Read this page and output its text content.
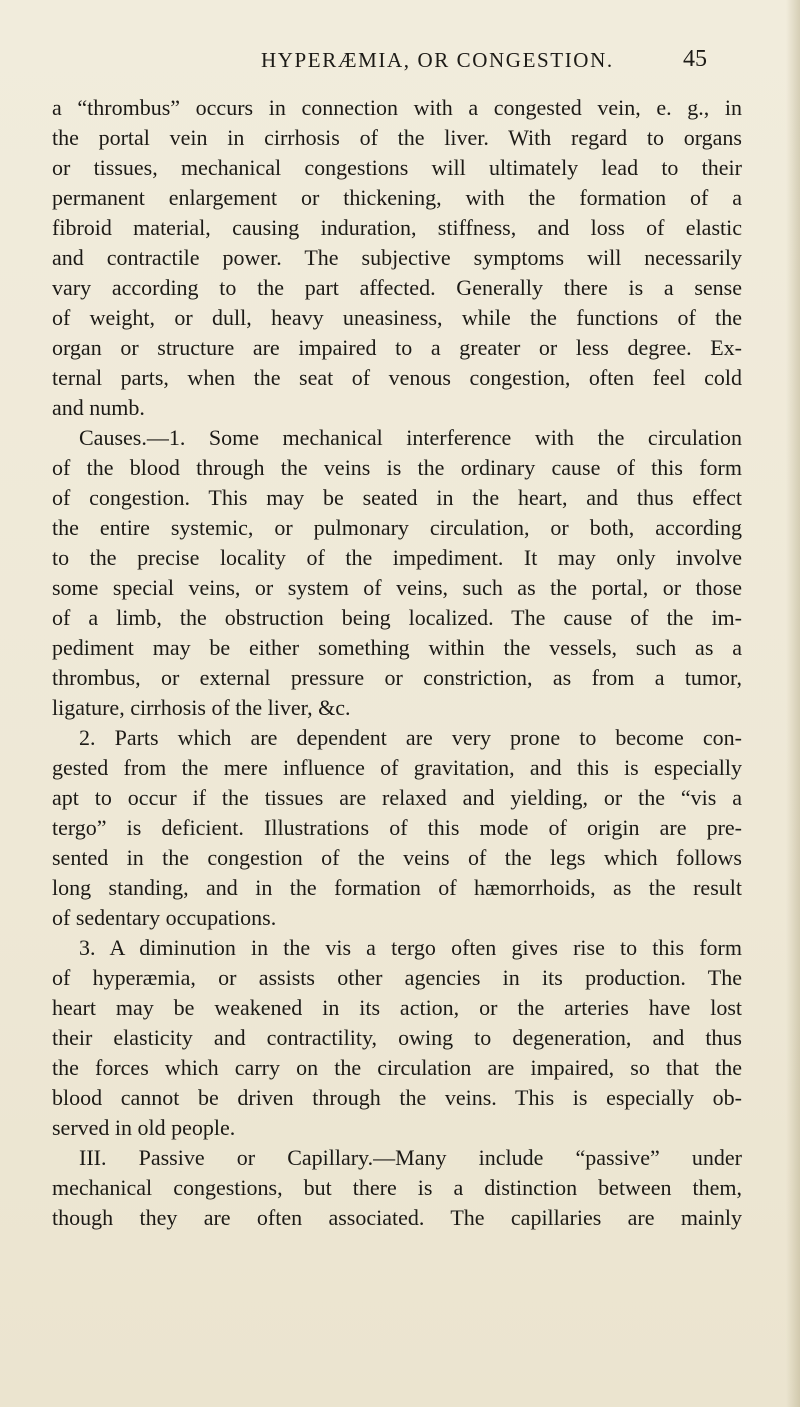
HYPERÆMIA, OR CONGESTION.	45
a “thrombus” occurs in connection with a congested vein, e. g., in
the portal vein in cirrhosis of the liver. With regard to organs
or tissues, mechanical congestions will ultimately lead to their
permanent enlargement or thickening, with the formation of a
fibroid material, causing induration, stiffness, and loss of elastic
and contractile power. The subjective symptoms will necessarily
vary according to the part affected. Generally there is a sense
of weight, or dull, heavy uneasiness, while the functions of the
organ or structure are impaired to a greater or less degree. Ex-
ternal parts, when the seat of venous congestion, often feel cold
and numb.
Causes.—1. Some mechanical interference with the circulation
of the blood through the veins is the ordinary cause of this form
of congestion. This may be seated in the heart, and thus effect
the entire systemic, or pulmonary circulation, or both, according
to the precise locality of the impediment. It may only involve
some special veins, or system of veins, such as the portal, or those
of a limb, the obstruction being localized. The cause of the im-
pediment may be either something within the vessels, such as a
thrombus, or external pressure or constriction, as from a tumor,
ligature, cirrhosis of the liver, &c.
2. Parts which are dependent are very prone to become con-
gested from the mere influence of gravitation, and this is especially
apt to occur if the tissues are relaxed and yielding, or the “vis a
tergo” is deficient. Illustrations of this mode of origin are pre-
sented in the congestion of the veins of the legs which follows
long standing, and in the formation of hæmorrhoids, as the result
of sedentary occupations.
3. A diminution in the vis a tergo often gives rise to this form
of hyperæmia, or assists other agencies in its production. The
heart may be weakened in its action, or the arteries have lost
their elasticity and contractility, owing to degeneration, and thus
the forces which carry on the circulation are impaired, so that the
blood cannot be driven through the veins. This is especially ob-
served in old people.
III. Passive or Capillary.—Many include “passive” under
mechanical congestions, but there is a distinction between them,
though they are often associated. The capillaries are mainly
